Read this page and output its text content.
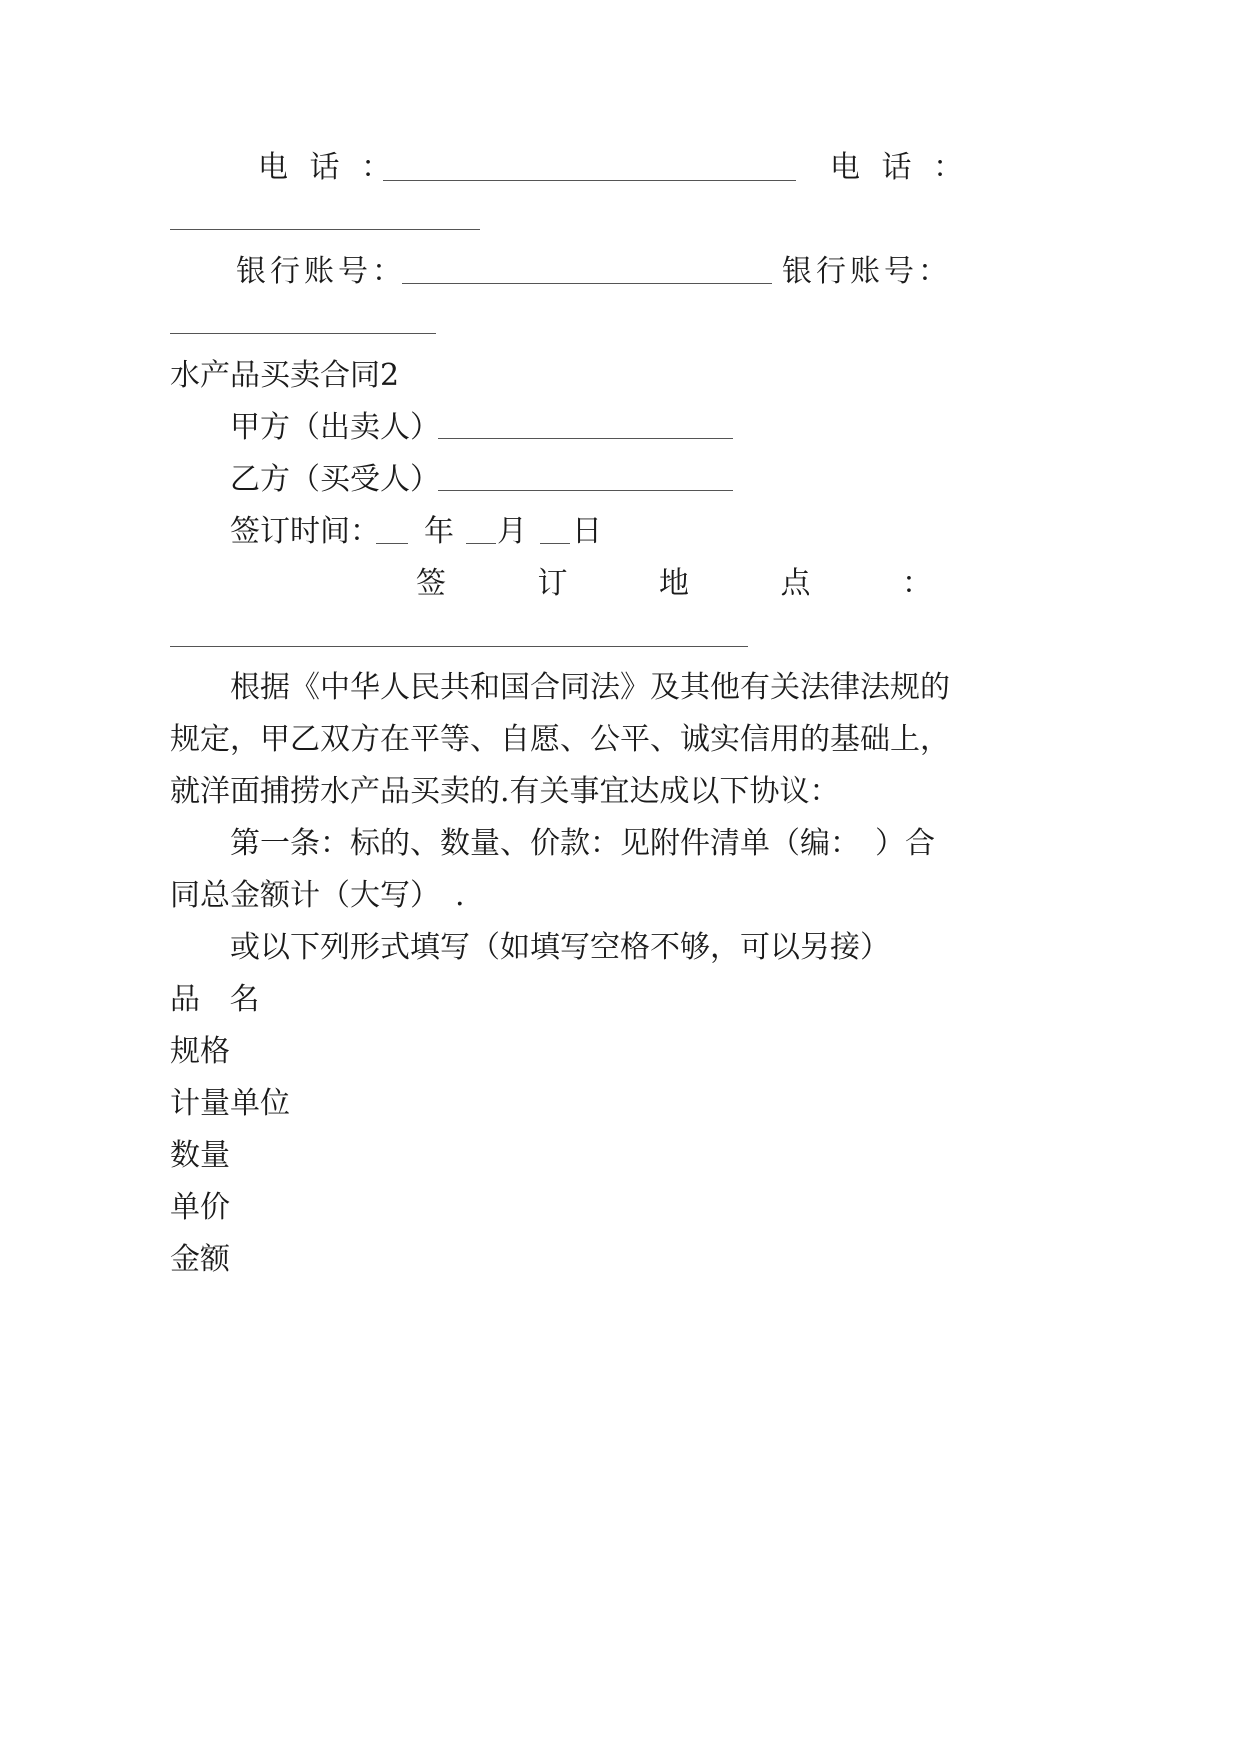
电 话 ：	电 话 ：
银行账号：	银行账号：
水产品买卖合同2
甲方（出卖人）
乙方（买受人）
签订时间： 年 月 日
签	订	地	点	：
根据《中华人民共和国合同法》及其他有关法律法规的
规定，甲乙双方在平等、自愿、公平、诚实信用的基础上，
就洋面捕捞水产品买卖的.有关事宜达成以下协议：
第一条：标的、数量、价款：见附件清单（编：　）合
同总金额计（大写）　.
或以下列形式填写（如填写空格不够，可以另接）
品 名
规格
计量单位
数量
单价
金额
